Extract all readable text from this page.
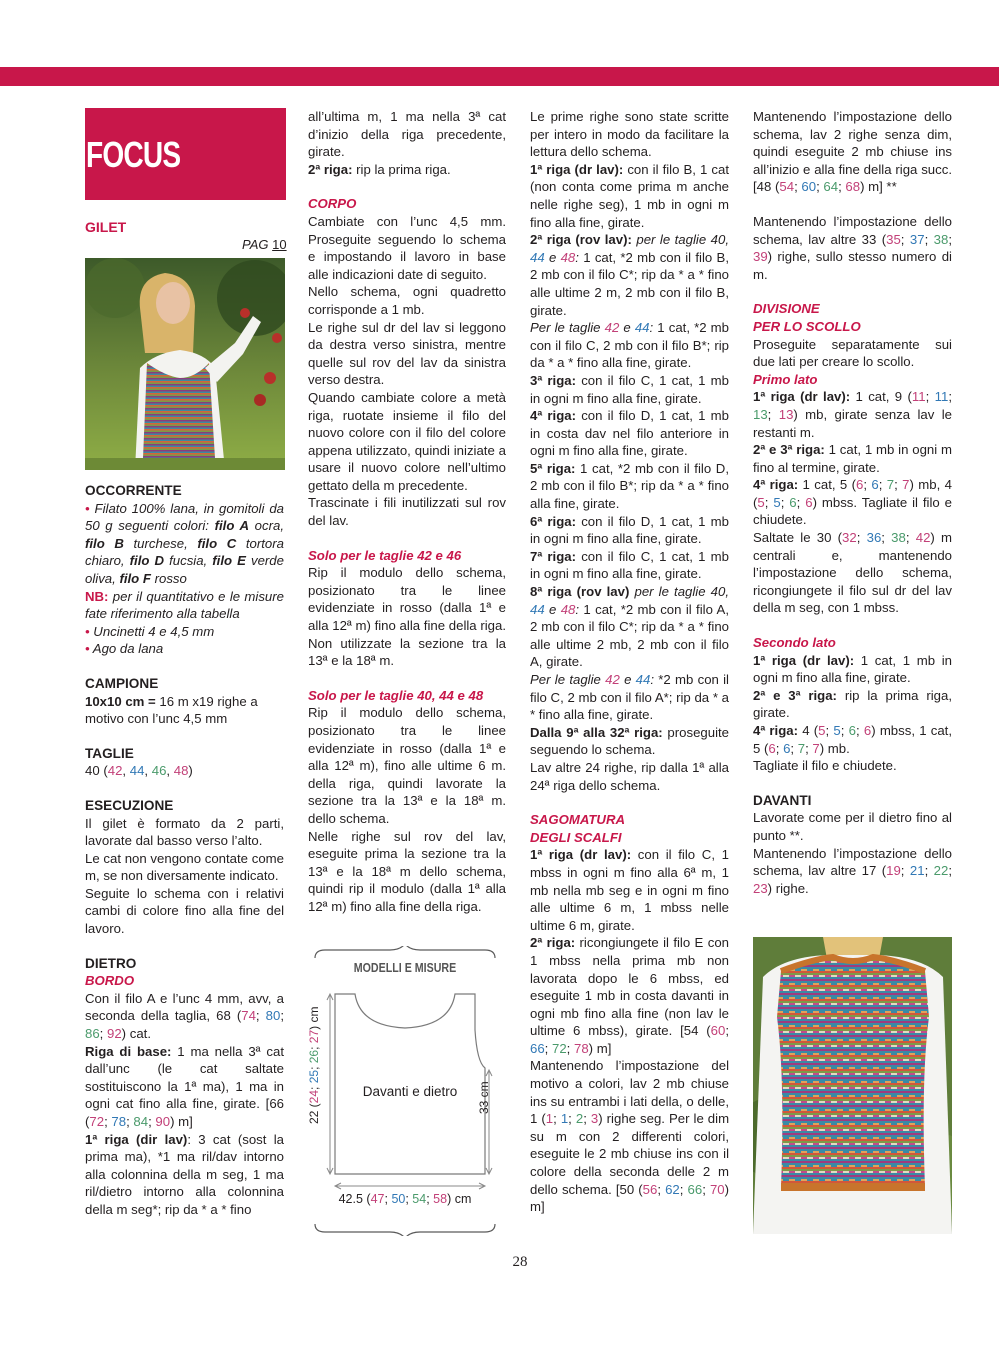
FOCUS
GILET
PAG 10

OCCORRENTE

• Filato 100% lana, in gomitoli da 50 g seguenti colori: filo A ocra, filo B turchese, filo C tortora chiaro, filo D fucsia, filo E verde oliva, filo F rosso

NB: per il quantitativo e le misure fate riferimento alla tabella

• Uncinetti 4 e 4,5 mm

• Ago da lana

CAMPIONE

10x10 cm = 16 m x19 righe a motivo con l’unc 4,5 mm

TAGLIE

40 (42, 44, 46, 48)

ESECUZIONE

Il gilet è formato da 2 parti, lavorate dal basso verso l’alto.

Le cat non vengono contate come m, se non diversamente indicato.

Seguite lo schema con i relativi cambi di colore fino alla fine del lavoro.

DIETRO

BORDO

Con il filo A e l’unc 4 mm, avv, a seconda della taglia, 68 (74; 80; 86; 92) cat.

Riga di base: 1 ma nella 3ª cat dall’unc (le cat saltate sostituiscono la 1ª ma), 1 ma in ogni cat fino alla fine, girate. [66 (72; 78; 84; 90) m]

1ª riga (dir lav): 3 cat (sost la prima ma), *1 ma ril/dav intorno alla colonnina della m seg, 1 ma ril/dietro intorno alla colonnina della m seg*; rip da * a * fino

all’ultima m, 1 ma nella 3ª cat d’inizio della riga precedente, girate.

2ª riga: rip la prima riga.

CORPO

Cambiate con l’unc 4,5 mm. Proseguite seguendo lo schema e impostando il lavoro in base alle indicazioni date di seguito.

Nello schema, ogni quadretto corrisponde a 1 mb.

Le righe sul dr del lav si leggono da destra verso sinistra, mentre quelle sul rov del lav da sinistra verso destra.

Quando cambiate colore a metà riga, ruotate insieme il filo del nuovo colore con il filo del colore appena utilizzato, quindi iniziate a usare il nuovo colore nell’ultimo gettato della m precedente.

Trascinate i fili inutilizzati sul rov del lav.

Solo per le taglie 42 e 46

Rip il modulo dello schema, posizionato tra le linee evidenziate in rosso (dalla 1ª e alla 12ª m) fino alla fine della riga. Non utilizzate la sezione tra la 13ª e la 18ª m.

Solo per le taglie 40, 44 e 48

Rip il modulo dello schema, posizionato tra le linee evidenziate in rosso (dalla 1ª e alla 12ª m), fino alle ultime 6 m. della riga, quindi lavorate la sezione tra la 13ª e la 18ª m. dello schema.

Nelle righe sul rov del lav, eseguite prima la sezione tra la 13ª e la 18ª m dello schema, quindi rip il modulo (dalla 1ª alla 12ª m) fino alla fine della riga.

MODELLI E MISURE
Davanti e dietro	33 cm
22 (24; 25; 26; 27) cm
42.5 (47; 50; 54; 58) cm

Le prime righe sono state scritte per intero in modo da facilitare la lettura dello schema.

1ª riga (dr lav): con il filo B, 1 cat (non conta come prima m anche nelle righe seg), 1 mb in ogni m fino alla fine, girate.

2ª riga (rov lav): per le taglie 40, 44 e 48: 1 cat, *2 mb con il filo B, 2 mb con il filo C*; rip da * a * fino alle ultime 2 m, 2 mb con il filo B, girate.

Per le taglie 42 e 44: 1 cat, *2 mb con il filo C, 2 mb con il filo B*; rip da * a * fino alla fine, girate.

3ª riga: con il filo C, 1 cat, 1 mb in ogni m fino alla fine, girate.

4ª riga: con il filo D, 1 cat, 1 mb in costa dav nel filo anteriore in ogni m fino alla fine, girate.

5ª riga: 1 cat, *2 mb con il filo D, 2 mb con il filo B*; rip da * a * fino alla fine, girate.

6ª riga: con il filo D, 1 cat, 1 mb in ogni m fino alla fine, girate.

7ª riga: con il filo C, 1 cat, 1 mb in ogni m fino alla fine, girate.

8ª riga (rov lav) per le taglie 40, 44 e 48: 1 cat, *2 mb con il filo A, 2 mb con il filo C*; rip da * a * fino alle ultime 2 mb, 2 mb con il filo A, girate.

Per le taglie 42 e 44: *2 mb con il filo C, 2 mb con il filo A*; rip da * a * fino alla fine, girate.

Dalla 9ª alla 32ª riga: proseguite seguendo lo schema.

Lav altre 24 righe, rip dalla 1ª alla 24ª riga dello schema.

SAGOMATURA
DEGLI SCALFI

1ª riga (dr lav): con il filo C, 1 mbss in ogni m fino alla 6ª m, 1 mb nella mb seg e in ogni m fino alle ultime 6 m, 1 mbss nelle ultime 6 m, girate.

2ª riga: ricongiungete il filo E con 1 mbss nella prima mb non lavorata dopo le 6 mbss, ed eseguite 1 mb in costa davanti in ogni mb fino alla fine (non lav le ultime 6 mbss), girate. [54 (60; 66; 72; 78) m]

Mantenendo l’impostazione del motivo a colori, lav 2 mb chiuse ins su entrambi i lati della, o delle, 1 (1; 1; 2; 3) righe seg. Per le dim su m con 2 differenti colori, eseguite le 2 mb chiuse ins con il colore della seconda delle 2 m dello schema. [50 (56; 62; 66; 70) m]

Mantenendo l’impostazione dello schema, lav 2 righe senza dim, quindi eseguite 2 mb chiuse ins all’inizio e alla fine della riga succ. [48 (54; 60; 64; 68) m] **

Mantenendo l’impostazione dello schema, lav altre 33 (35; 37; 38; 39) righe, sullo stesso numero di m.

DIVISIONE
PER LO SCOLLO

Proseguite separatamente sui due lati per creare lo scollo.

Primo lato

1ª riga (dr lav): 1 cat, 9 (11; 11; 13; 13) mb, girate senza lav le restanti m.

2ª e 3ª riga: 1 cat, 1 mb in ogni m fino al termine, girate.

4ª riga: 1 cat, 5 (6; 6; 7; 7) mb, 4 (5; 5; 6; 6) mbss. Tagliate il filo e chiudete.

Saltate le 30 (32; 36; 38; 42) m centrali e, mantenendo l’impostazione dello schema, ricongiungete il filo sul dr del lav della m seg, con 1 mbss.

Secondo lato

1ª riga (dr lav): 1 cat, 1 mb in ogni m fino alla fine, girate.

2ª e 3ª riga: rip la prima riga, girate.

4ª riga: 4 (5; 5; 6; 6) mbss, 1 cat, 5 (6; 6; 7; 7) mb.

Tagliate il filo e chiudete.

DAVANTI

Lavorate come per il dietro fino al punto **.

Mantenendo l’impostazione dello schema, lav altre 17 (19; 21; 22; 23) righe.

28
